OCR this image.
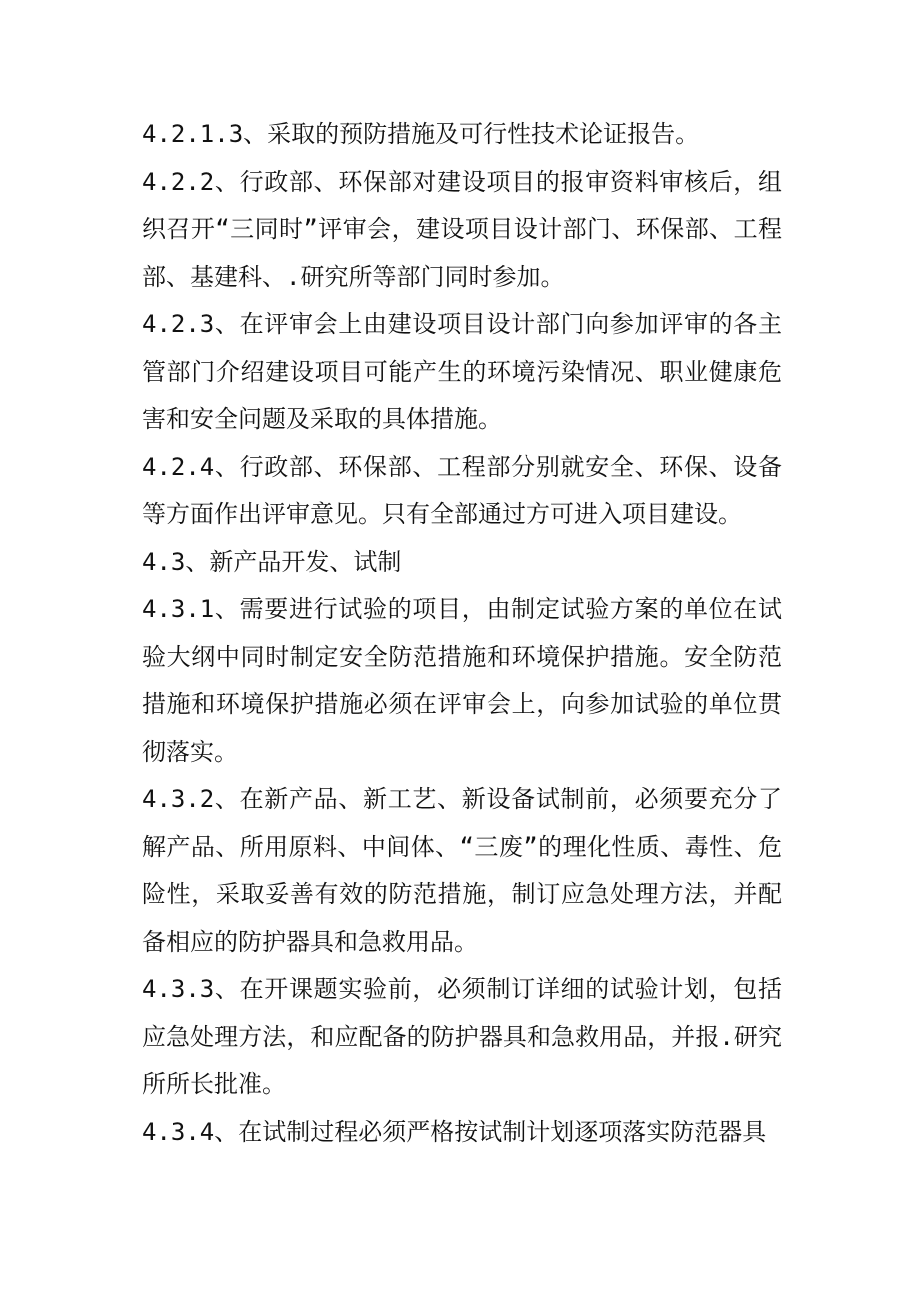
4.2.1.3、采取的预防措施及可行性技术论证报告。

4.2.2、行政部、环保部对建设项目的报审资料审核后，组织召开“三同时”评审会，建设项目设计部门、环保部、工程部、基建科、.研究所等部门同时参加。

4.2.3、在评审会上由建设项目设计部门向参加评审的各主管部门介绍建设项目可能产生的环境污染情况、职业健康危害和安全问题及采取的具体措施。

4.2.4、行政部、环保部、工程部分别就安全、环保、设备等方面作出评审意见。只有全部通过方可进入项目建设。

4.3、新产品开发、试制

4.3.1、需要进行试验的项目，由制定试验方案的单位在试验大纲中同时制定安全防范措施和环境保护措施。安全防范措施和环境保护措施必须在评审会上，向参加试验的单位贯彻落实。

4.3.2、在新产品、新工艺、新设备试制前，必须要充分了解产品、所用原料、中间体、“三废”的理化性质、毒性、危险性，采取妥善有效的防范措施，制订应急处理方法，并配备相应的防护器具和急救用品。

4.3.3、在开课题实验前，必须制订详细的试验计划，包括应急处理方法，和应配备的防护器具和急救用品，并报.研究所所长批准。

4.3.4、在试制过程必须严格按试制计划逐项落实防范器具
